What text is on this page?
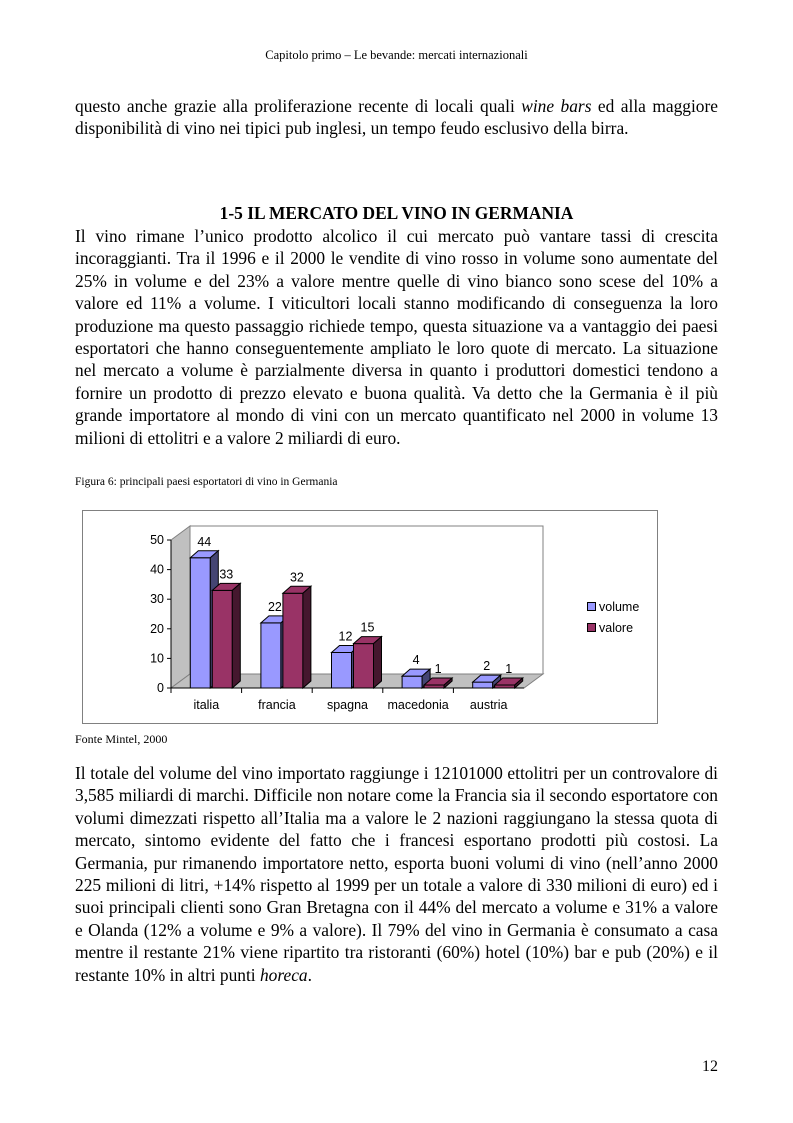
Capitolo primo – Le bevande: mercati internazionali

questo anche grazie alla proliferazione recente di locali quali wine bars ed alla maggiore disponibilità di vino nei tipici pub inglesi, un tempo feudo esclusivo della birra.

1-5 IL MERCATO DEL VINO IN GERMANIA

Il vino rimane l’unico prodotto alcolico il cui mercato può vantare tassi di crescita incoraggianti. Tra il 1996 e il 2000 le vendite di vino rosso in volume sono aumentate del 25% in volume e del 23% a valore mentre quelle di vino bianco sono scese del 10% a valore ed 11% a volume. I viticultori locali stanno modificando di conseguenza la loro produzione ma questo passaggio richiede tempo, questa situazione va a vantaggio dei paesi esportatori che hanno conseguentemente ampliato le loro quote di mercato. La situazione nel mercato a volume è parzialmente diversa in quanto i produttori domestici tendono a fornire un prodotto di prezzo elevato e buona qualità. Va detto che la Germania è il più grande importatore al mondo di vini con un mercato quantificato nel 2000 in volume 13 milioni di ettolitri e a valore 2 miliardi di euro.

Figura 6: principali paesi esportatori di vino in Germania
0
10
20
30
40
50
italia
44
33
francia
22
32
spagna
12
15
macedonia
4
1
austria
2 1
volume
valore
Fonte Mintel, 2000

Il totale del volume del vino importato raggiunge i 12101000 ettolitri per un controvalore di 3,585 miliardi di marchi. Difficile non notare come la Francia sia il secondo esportatore con volumi dimezzati rispetto all’Italia ma a valore le 2 nazioni raggiungano la stessa quota di mercato, sintomo evidente del fatto che i francesi esportano prodotti più costosi. La Germania, pur rimanendo importatore netto, esporta buoni volumi di vino (nell’anno 2000 225 milioni di litri, +14% rispetto al 1999 per un totale a valore di 330 milioni di euro) ed i suoi principali clienti sono Gran Bretagna con il 44% del mercato a volume e 31% a valore e Olanda (12% a volume e 9% a valore). Il 79% del vino in Germania è consumato a casa mentre il restante 21% viene ripartito tra ristoranti (60%) hotel (10%) bar e pub (20%) e il restante 10% in altri punti horeca.

12
